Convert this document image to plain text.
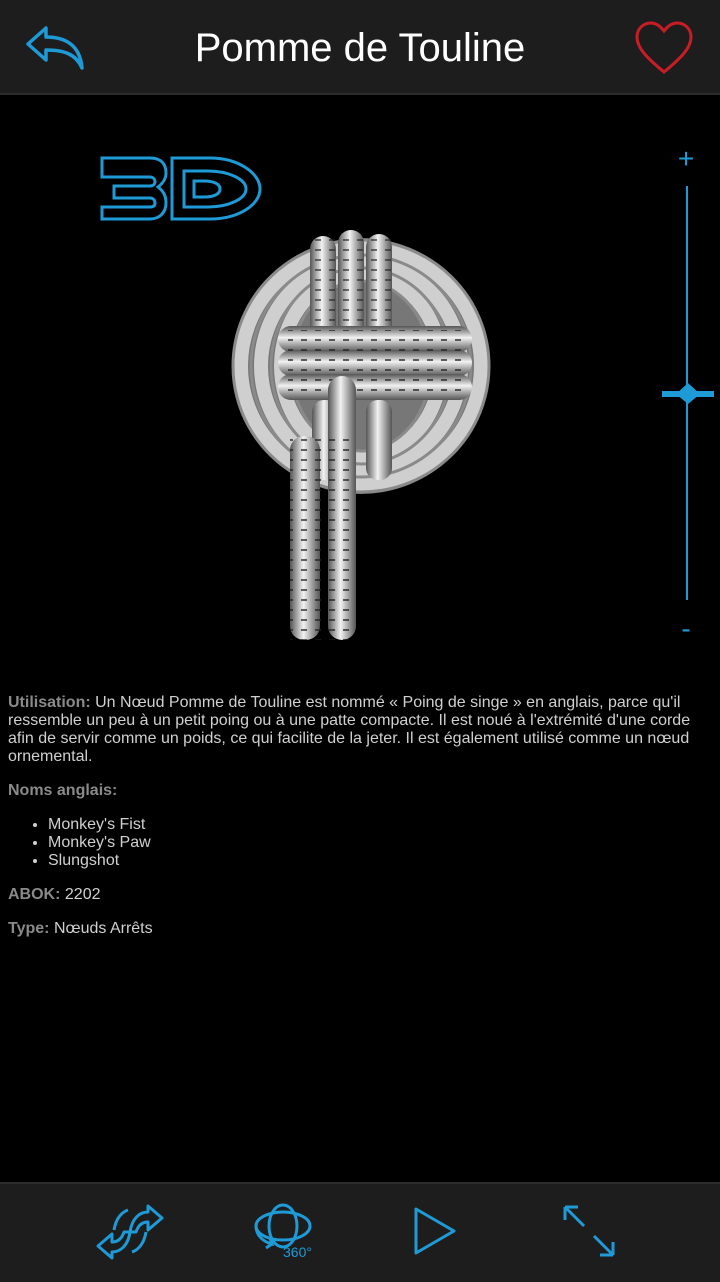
Pomme de Touline
+
-

Utilisation: Un Nœud Pomme de Touline est nommé « Poing de singe » en anglais, parce qu'il ressemble un peu à un petit poing ou à une patte compacte. Il est noué à l'extrémité d'une corde afin de servir comme un poids, ce qui facilite de la jeter. Il est également utilisé comme un nœud ornemental.

Noms anglais:

• Monkey's Fist
• Monkey's Paw
• Slungshot

ABOK: 2202

Type: Nœuds Arrêts

360°
